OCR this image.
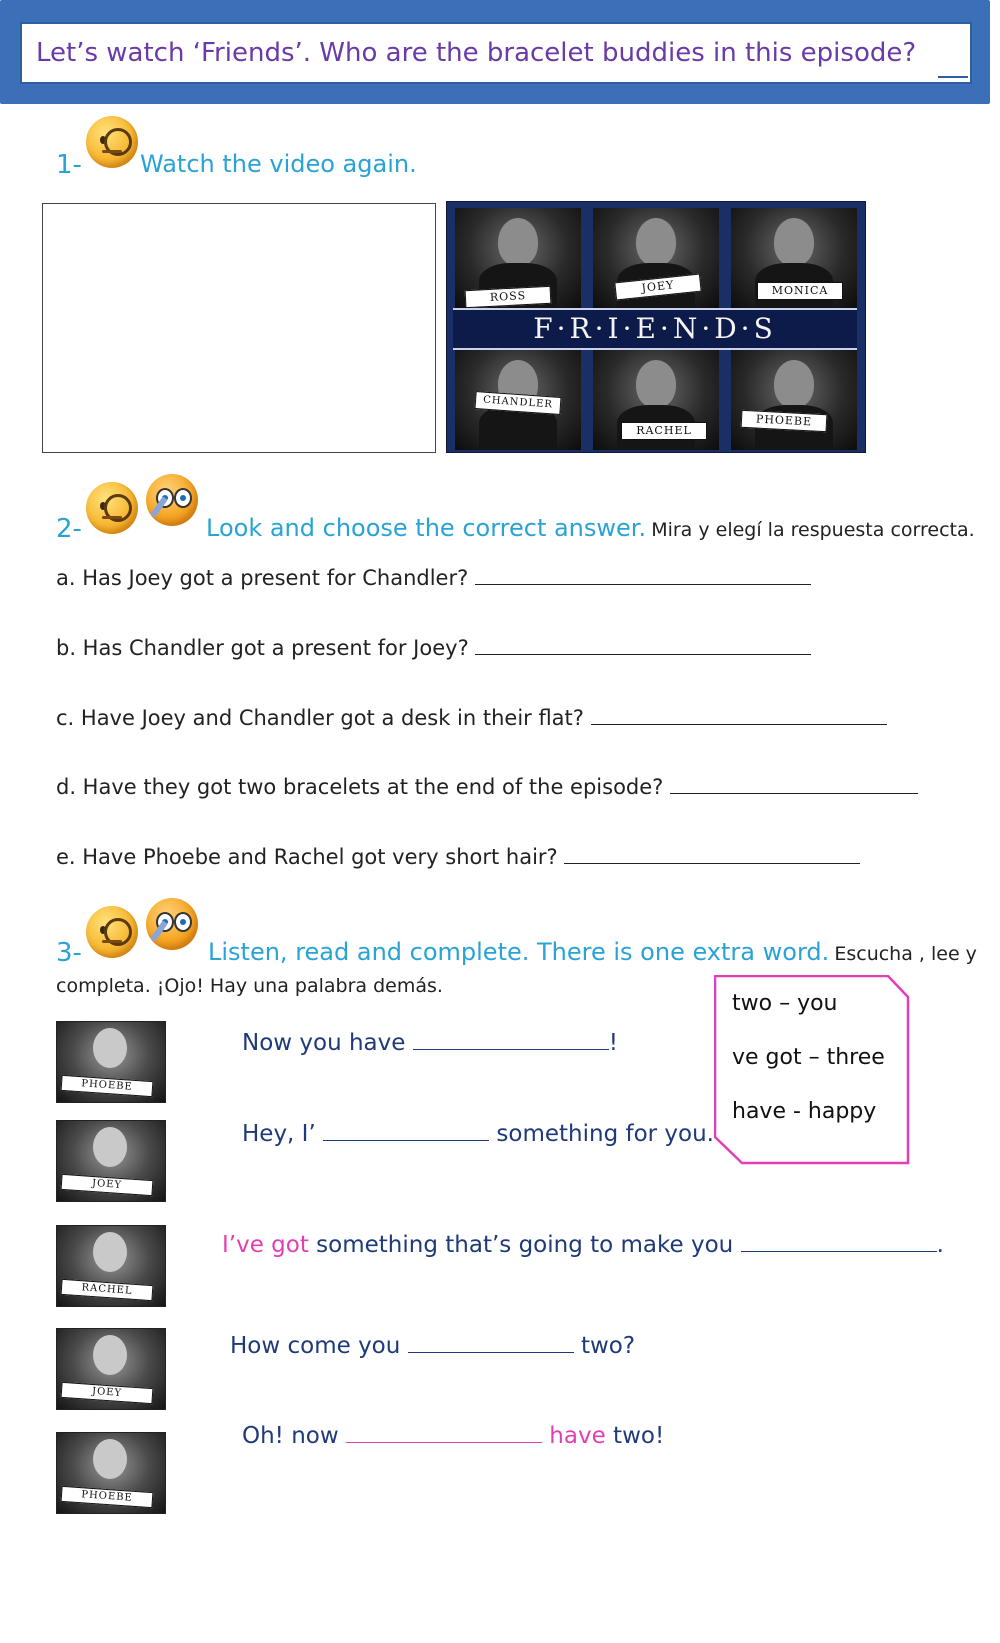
Let’s watch ‘Friends’. Who are the bracelet buddies in this episode?
1- Watch the video again.
ROSS
JOEY	MONICA
F·R·I·E·N·D·S
CHANDLER
RACHEL
PHOEBE
2-	Look and choose the correct answer. Mira y elegí la respuesta correcta.
a. Has Joey got a present for Chandler?
b. Has Chandler got a present for Joey?
c. Have Joey and Chandler got a desk in their flat?
d. Have they got two bracelets at the end of the episode?
e. Have Phoebe and Rachel got very short hair?
3-	Listen, read and complete. There is one extra word. Escucha , lee y
completa. ¡Ojo! Hay una palabra demás.
two – you
ve got – three
have - happy
PHOEBE
JOEY
RACHEL
JOEY
PHOEBE
Now you have	!
Hey, I’	something for you.
I’ve got something that’s going to make you	.
How come you	two?
Oh! now	have two!
